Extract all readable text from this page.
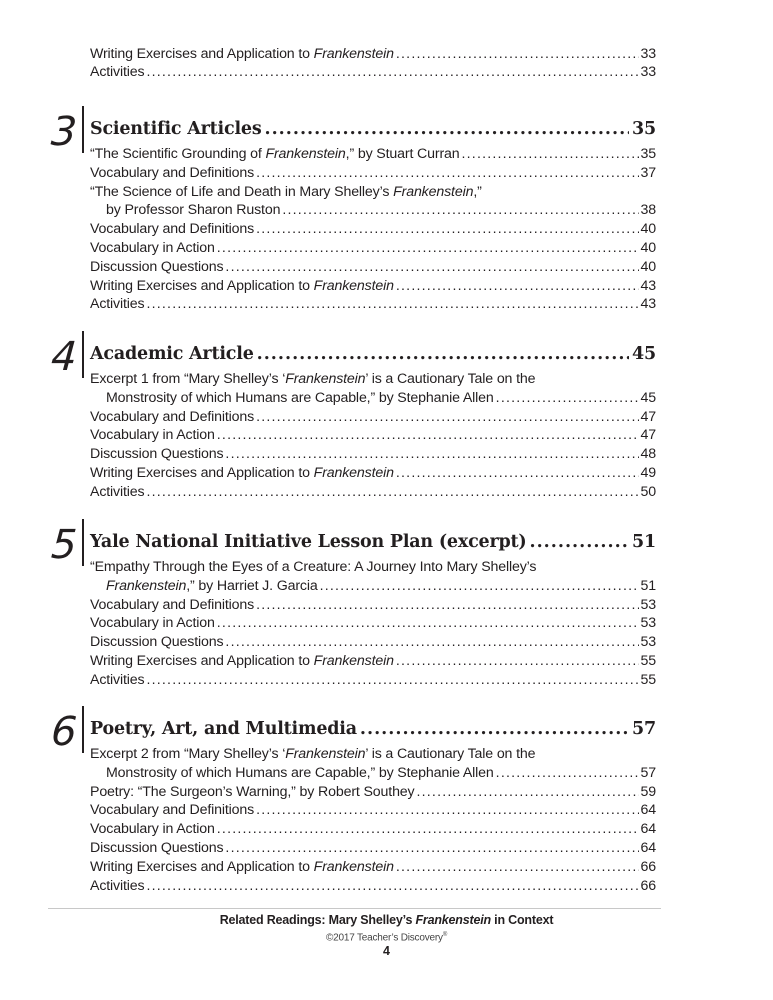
Writing Exercises and Application to Frankenstein .....	33
Activities .....	33
3 Scientific Articles .....	35
“The Scientific Grounding of Frankenstein,” by Stuart Curran .....	35
Vocabulary and Definitions .....	37
“The Science of Life and Death in Mary Shelley’s Frankenstein,”
by Professor Sharon Ruston .....	38
Vocabulary and Definitions .....	40
Vocabulary in Action .....	40
Discussion Questions .....	40
Writing Exercises and Application to Frankenstein .....	43
Activities .....	43
4 Academic Article .....	45
Excerpt 1 from “Mary Shelley’s ‘Frankenstein’ is a Cautionary Tale on the
Monstrosity of which Humans are Capable,” by Stephanie Allen .....	45
Vocabulary and Definitions .....	47
Vocabulary in Action .....	47
Discussion Questions .....	48
Writing Exercises and Application to Frankenstein .....	49
Activities .....	50
5 Yale National Initiative Lesson Plan (excerpt) .....	51
“Empathy Through the Eyes of a Creature: A Journey Into Mary Shelley’s
Frankenstein,” by Harriet J. Garcia .....	51
Vocabulary and Definitions .....	53
Vocabulary in Action .....	53
Discussion Questions .....	53
Writing Exercises and Application to Frankenstein .....	55
Activities .....	55
6 Poetry, Art, and Multimedia .....	57
Excerpt 2 from “Mary Shelley’s ‘Frankenstein’ is a Cautionary Tale on the
Monstrosity of which Humans are Capable,” by Stephanie Allen .....	57
Poetry: “The Surgeon’s Warning,” by Robert Southey .....	59
Vocabulary and Definitions .....	64
Vocabulary in Action .....	64
Discussion Questions .....	64
Writing Exercises and Application to Frankenstein .....	66
Activities .....	66
Related Readings: Mary Shelley’s Frankenstein in Context
©2017 Teacher’s Discovery®
4
